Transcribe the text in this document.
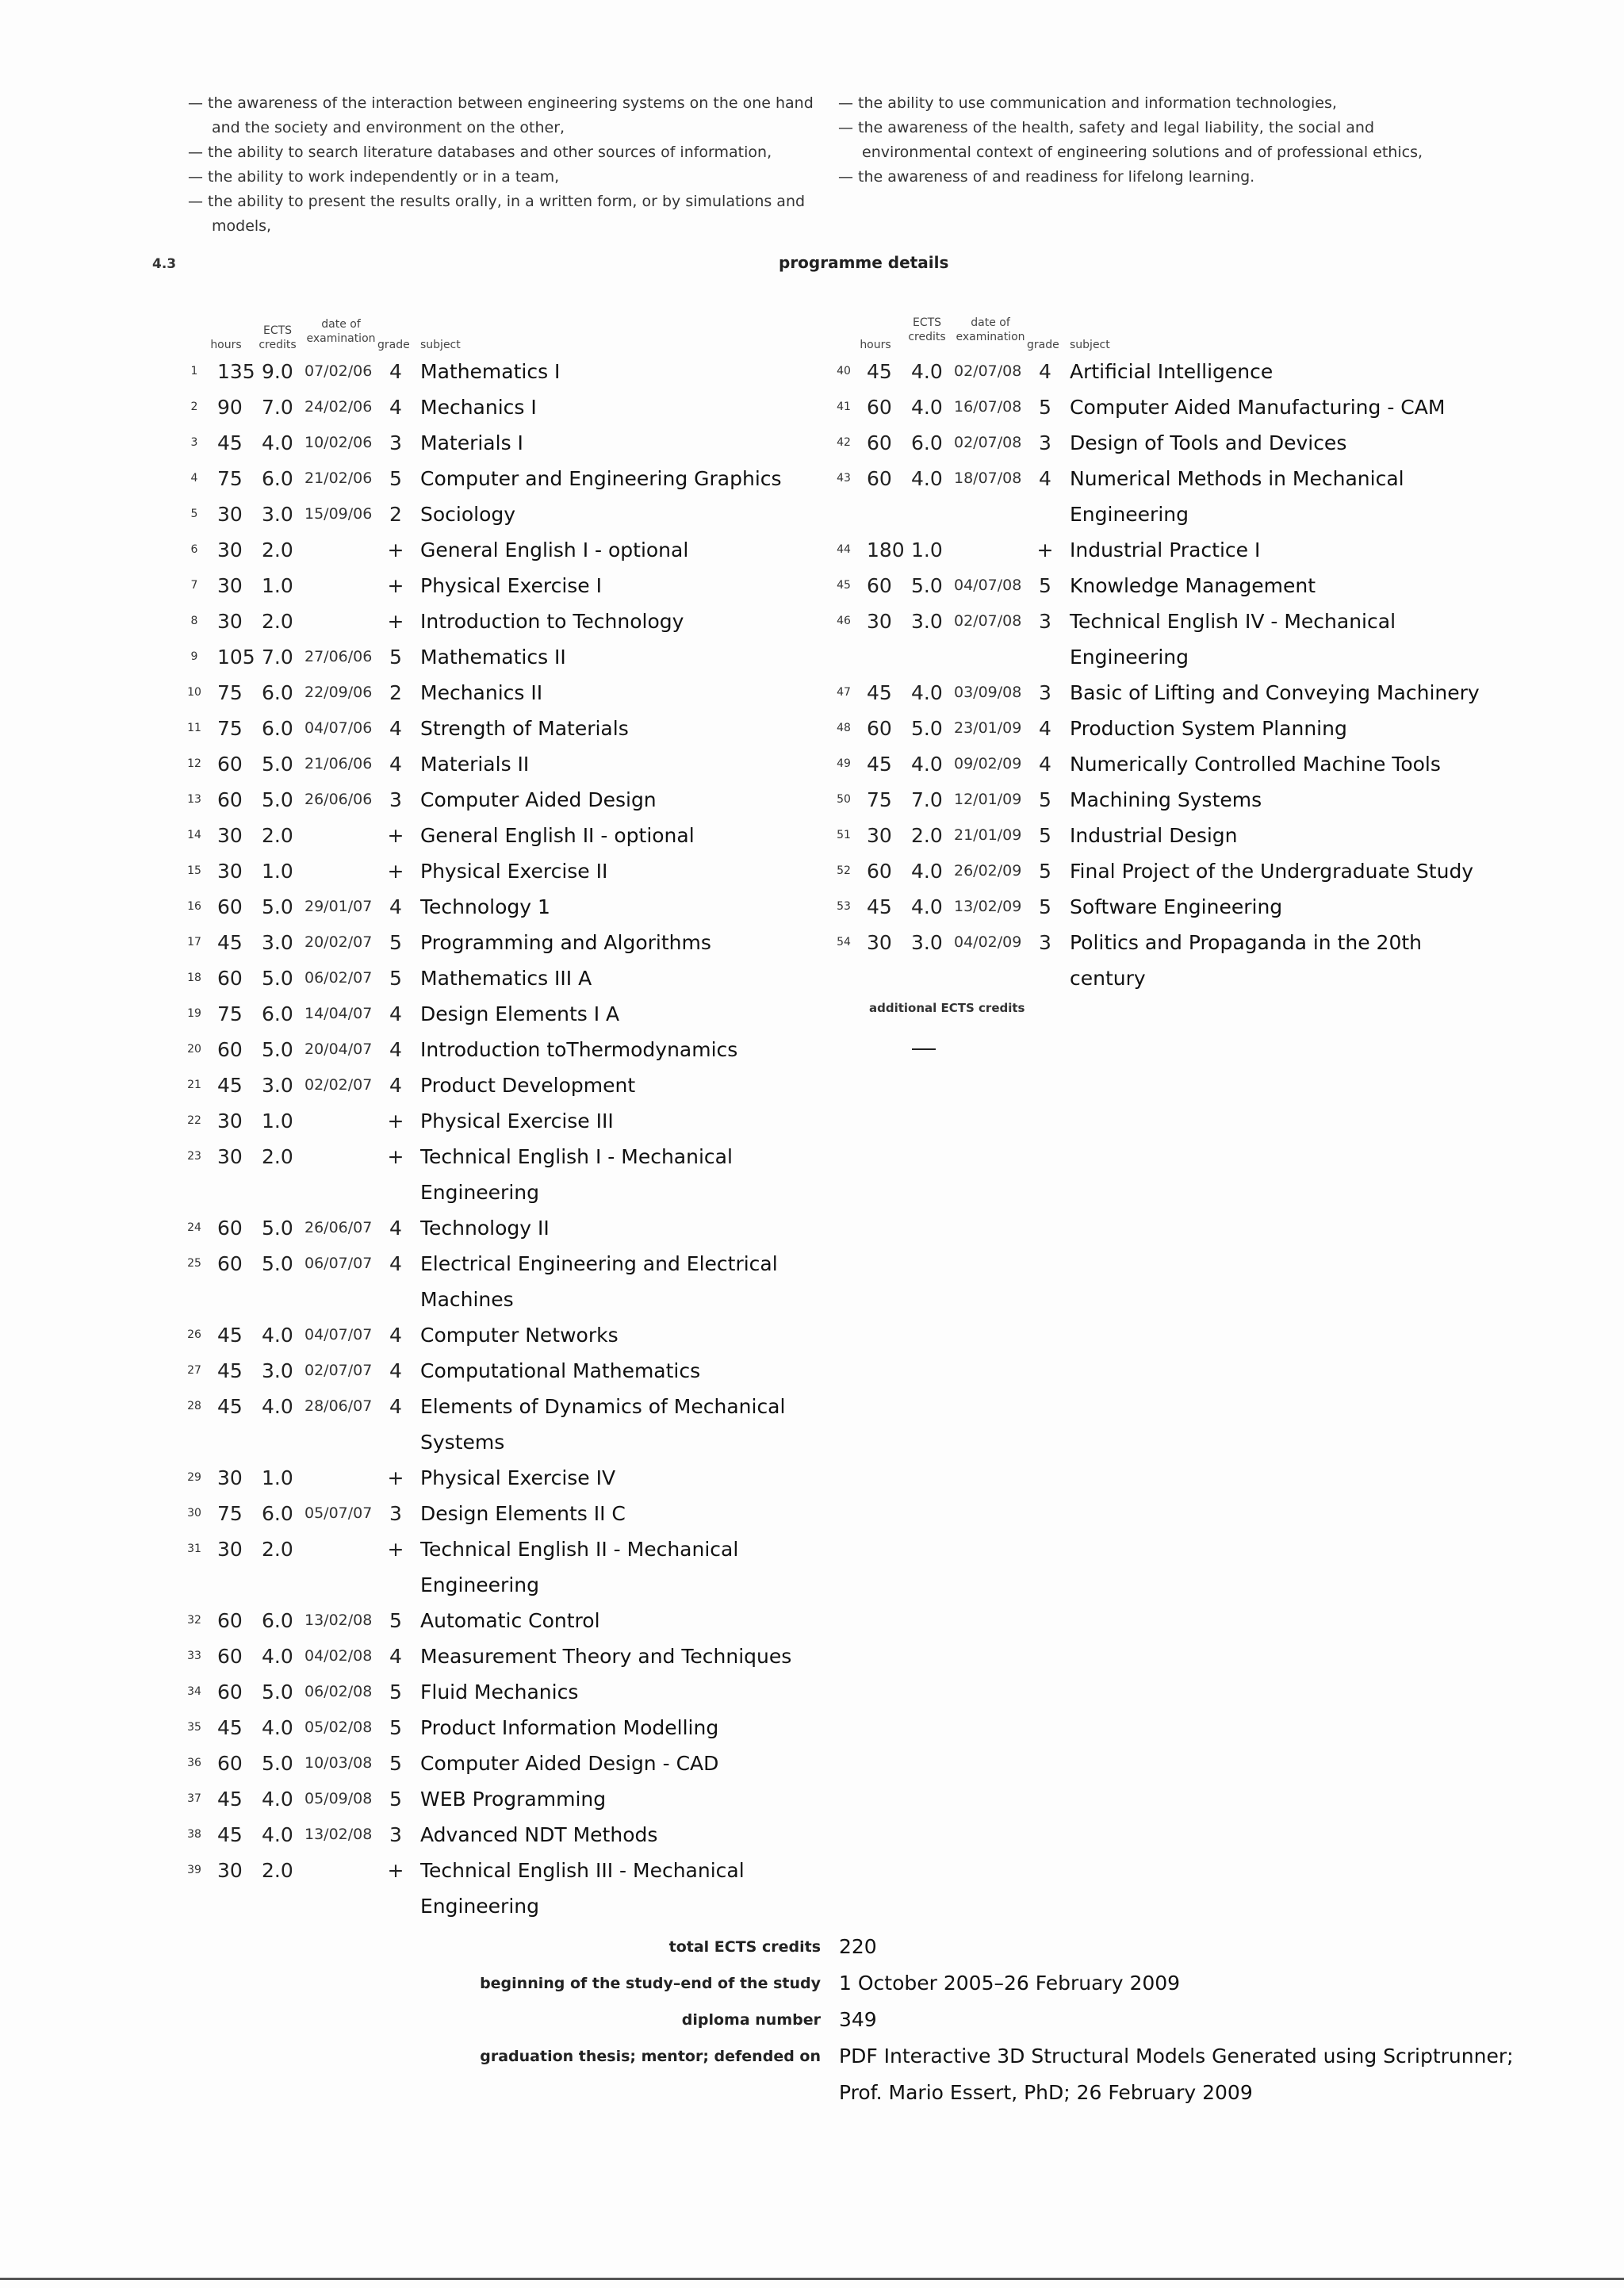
— the awareness of the interaction between engineering systems on the one hand and the society and environment on the other,
— the ability to search literature databases and other sources of information,
— the ability to work independently or in a team,
— the ability to present the results orally, in a written form, or by simulations and models,
— the ability to use communication and information technologies,
— the awareness of the health, safety and legal liability, the social and environmental context of engineering solutions and of professional ethics,
— the awareness of and readiness for lifelong learning.
4.3	programme details
hours
ECTS
credits
date of
examination grade subject
1 135 9.0 07/02/06 4 Mathematics I
2 90 7.0 24/02/06 4 Mechanics I
3 45 4.0 10/02/06 3 Materials I
4 75 6.0 21/02/06 5 Computer and Engineering Graphics
5 30 3.0 15/09/06 2 Sociology
6 30 2.0	+ General English I - optional
7 30 1.0	+ Physical Exercise I
8 30 2.0	+ Introduction to Technology
9 105 7.0 27/06/06 5 Mathematics II
10 75 6.0 22/09/06 2 Mechanics II
11 75 6.0 04/07/06 4 Strength of Materials
12 60 5.0 21/06/06 4 Materials II
13 60 5.0 26/06/06 3 Computer Aided Design
14 30 2.0	+ General English II - optional
15 30 1.0	+ Physical Exercise II
16 60 5.0 29/01/07 4 Technology 1
17 45 3.0 20/02/07 5 Programming and Algorithms
18 60 5.0 06/02/07 5 Mathematics III A
19 75 6.0 14/04/07 4 Design Elements I A
20 60 5.0 20/04/07 4 Introduction toThermodynamics
21 45 3.0 02/02/07 4 Product Development
22 30 1.0	+ Physical Exercise III
23 30 2.0	+ Technical English I - Mechanical Engineering
24 60 5.0 26/06/07 4 Technology II
25 60 5.0 06/07/07 4 Electrical Engineering and Electrical Machines
26 45 4.0 04/07/07 4 Computer Networks
27 45 3.0 02/07/07 4 Computational Mathematics
28 45 4.0 28/06/07 4 Elements of Dynamics of Mechanical Systems
29 30 1.0	+ Physical Exercise IV
30 75 6.0 05/07/07 3 Design Elements II C
31 30 2.0	+ Technical English II - Mechanical Engineering
32 60 6.0 13/02/08 5 Automatic Control
33 60 4.0 04/02/08 4 Measurement Theory and Techniques
34 60 5.0 06/02/08 5 Fluid Mechanics
35 45 4.0 05/02/08 5 Product Information Modelling
36 60 5.0 10/03/08 5 Computer Aided Design - CAD
37 45 4.0 05/09/08 5 WEB Programming
38 45 4.0 13/02/08 3 Advanced NDT Methods
39 30 2.0	+ Technical English III - Mechanical Engineering
hours
ECTS
credits
date of
examination
grade subject
40 45 4.0 02/07/08 4 Artificial Intelligence
41 60 4.0 16/07/08 5 Computer Aided Manufacturing - CAM
42 60 6.0 02/07/08 3 Design of Tools and Devices
43 60 4.0 18/07/08 4 Numerical Methods in Mechanical Engineering
44 180 1.0	+ Industrial Practice I
45 60 5.0 04/07/08 5 Knowledge Management
46 30 3.0 02/07/08 3 Technical English IV - Mechanical Engineering
47 45 4.0 03/09/08 3 Basic of Lifting and Conveying Machinery
48 60 5.0 23/01/09 4 Production System Planning
49 45 4.0 09/02/09 4 Numerically Controlled Machine Tools
50 75 7.0 12/01/09 5 Machining Systems
51 30 2.0 21/01/09 5 Industrial Design
52 60 4.0 26/02/09 5 Final Project of the Undergraduate Study
53 45 4.0 13/02/09 5 Software Engineering
54 30 3.0 04/02/09 3 Politics and Propaganda in the 20th century
additional ECTS credits
total ECTS credits 220
beginning of the study–end of the study 1 October 2005–26 February 2009
diploma number 349
graduation thesis; mentor; defended on PDF Interactive 3D Structural Models Generated using Scriptrunner;
Prof. Mario Essert, PhD; 26 February 2009
